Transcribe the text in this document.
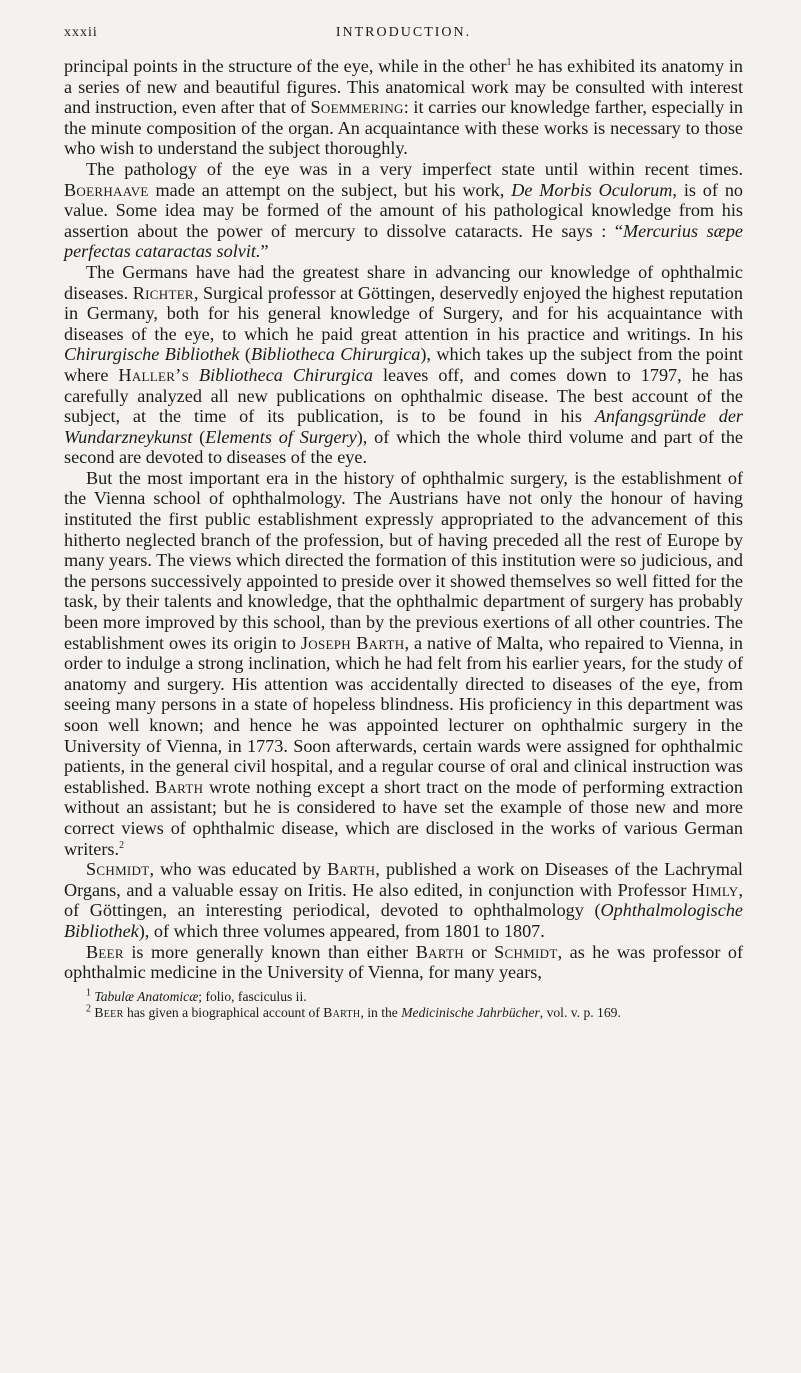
xxxii	INTRODUCTION.

principal points in the structure of the eye, while in the other$^1$ he has exhibited its anatomy in a series of new and beautiful figures. This anatomical work may be consulted with interest and instruction, even after that of Soemmering: it carries our knowledge farther, especially in the minute composition of the organ. An acquaintance with these works is necessary to those who wish to understand the subject thoroughly.

The pathology of the eye was in a very imperfect state until within recent times. Boerhaave made an attempt on the subject, but his work, De Morbis Oculorum, is of no value. Some idea may be formed of the amount of his pathological knowledge from his assertion about the power of mercury to dissolve cataracts. He says : “Mercurius sæpe perfectas cataractas solvit.”

The Germans have had the greatest share in advancing our knowledge of ophthalmic diseases. Richter, Surgical professor at Göttingen, deservedly enjoyed the highest reputation in Germany, both for his general knowledge of Surgery, and for his acquaintance with diseases of the eye, to which he paid great attention in his practice and writings. In his Chirurgische Bibliothek (Bibliotheca Chirurgica), which takes up the subject from the point where Haller’s Bibliotheca Chirurgica leaves off, and comes down to 1797, he has carefully analyzed all new publications on ophthalmic disease. The best account of the subject, at the time of its publication, is to be found in his Anfangsgründe der Wundarzneykunst (Elements of Surgery), of which the whole third volume and part of the second are devoted to diseases of the eye.

But the most important era in the history of ophthalmic surgery, is the establishment of the Vienna school of ophthalmology. The Austrians have not only the honour of having instituted the first public establishment expressly appropriated to the advancement of this hitherto neglected branch of the profession, but of having preceded all the rest of Europe by many years. The views which directed the formation of this institution were so judicious, and the persons successively appointed to preside over it showed themselves so well fitted for the task, by their talents and knowledge, that the ophthalmic department of surgery has probably been more improved by this school, than by the previous exertions of all other countries. The establishment owes its origin to Joseph Barth, a native of Malta, who repaired to Vienna, in order to indulge a strong inclination, which he had felt from his earlier years, for the study of anatomy and surgery. His attention was accidentally directed to diseases of the eye, from seeing many persons in a state of hopeless blindness. His proficiency in this department was soon well known; and hence he was appointed lecturer on ophthalmic surgery in the University of Vienna, in 1773. Soon afterwards, certain wards were assigned for ophthalmic patients, in the general civil hospital, and a regular course of oral and clinical instruction was established. Barth wrote nothing except a short tract on the mode of performing extraction without an assistant; but he is considered to have set the example of those new and more correct views of ophthalmic disease, which are disclosed in the works of various German writers.$^2$

Schmidt, who was educated by Barth, published a work on Diseases of the Lachrymal Organs, and a valuable essay on Iritis. He also edited, in conjunction with Professor Himly, of Göttingen, an interesting periodical, devoted to ophthalmology (Ophthalmologische Bibliothek), of which three volumes appeared, from 1801 to 1807.

Beer is more generally known than either Barth or Schmidt, as he was professor of ophthalmic medicine in the University of Vienna, for many years,

$^1$ Tabulæ Anatomicæ; folio, fasciculus ii.

$^2$ Beer has given a biographical account of Barth, in the Medicinische Jahrbücher, vol. v. p. 169.
